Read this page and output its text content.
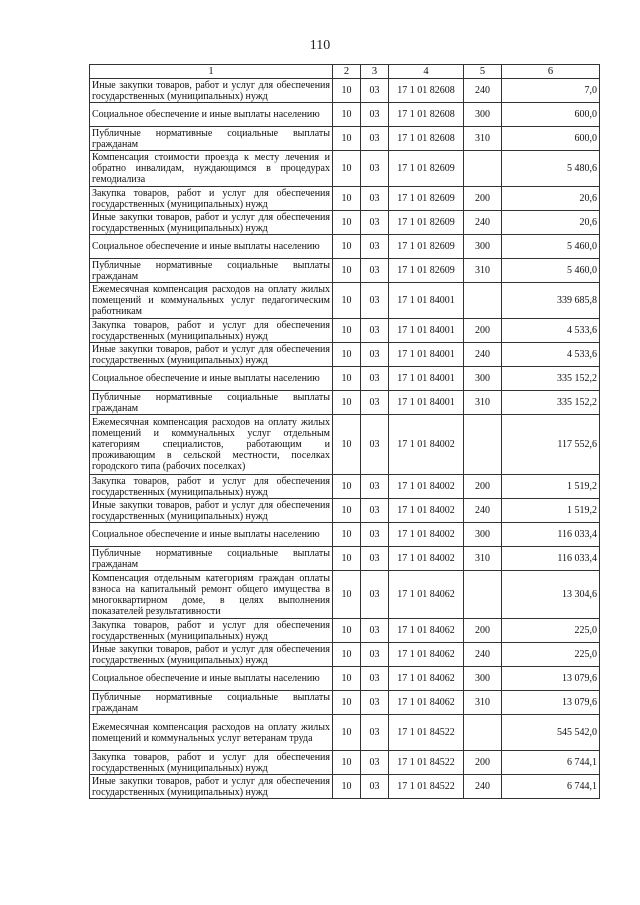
110
1	2	3	4	5	6
Иные закупки товаров, работ и услуг для обеспечения государственных (муниципальных) нужд	10	03	17 1 01 82608	240	7,0
Социальное обеспечение и иные выплаты населению	10	03	17 1 01 82608	300	600,0
Публичные нормативные социальные выплаты гражданам	10	03	17 1 01 82608	310	600,0
Компенсация стоимости проезда к месту лечения и обратно инвалидам, нуждающимся в процедурах гемодиализа	10	03	17 1 01 82609		5 480,6
Закупка товаров, работ и услуг для обеспечения государственных (муниципальных) нужд	10	03	17 1 01 82609	200	20,6
Иные закупки товаров, работ и услуг для обеспечения государственных (муниципальных) нужд	10	03	17 1 01 82609	240	20,6
Социальное обеспечение и иные выплаты населению	10	03	17 1 01 82609	300	5 460,0
Публичные нормативные социальные выплаты гражданам	10	03	17 1 01 82609	310	5 460,0
Ежемесячная компенсация расходов на оплату жилых помещений и коммунальных услуг педагогическим работникам	10	03	17 1 01 84001		339 685,8
Закупка товаров, работ и услуг для обеспечения государственных (муниципальных) нужд	10	03	17 1 01 84001	200	4 533,6
Иные закупки товаров, работ и услуг для обеспечения государственных (муниципальных) нужд	10	03	17 1 01 84001	240	4 533,6
Социальное обеспечение и иные выплаты населению	10	03	17 1 01 84001	300	335 152,2
Публичные нормативные социальные выплаты гражданам	10	03	17 1 01 84001	310	335 152,2
Ежемесячная компенсация расходов на оплату жилых помещений и коммунальных услуг отдельным категориям специалистов, работающим и проживающим в сельской местности, поселках городского типа (рабочих поселках)	10	03	17 1 01 84002		117 552,6
Закупка товаров, работ и услуг для обеспечения государственных (муниципальных) нужд	10	03	17 1 01 84002	200	1 519,2
Иные закупки товаров, работ и услуг для обеспечения государственных (муниципальных) нужд	10	03	17 1 01 84002	240	1 519,2
Социальное обеспечение и иные выплаты населению	10	03	17 1 01 84002	300	116 033,4
Публичные нормативные социальные выплаты гражданам	10	03	17 1 01 84002	310	116 033,4
Компенсация отдельным категориям граждан оплаты взноса на капитальный ремонт общего имущества в многоквартирном доме, в целях выполнения показателей результативности	10	03	17 1 01 84062		13 304,6
Закупка товаров, работ и услуг для обеспечения государственных (муниципальных) нужд	10	03	17 1 01 84062	200	225,0
Иные закупки товаров, работ и услуг для обеспечения государственных (муниципальных) нужд	10	03	17 1 01 84062	240	225,0
Социальное обеспечение и иные выплаты населению	10	03	17 1 01 84062	300	13 079,6
Публичные нормативные социальные выплаты гражданам	10	03	17 1 01 84062	310	13 079,6
Ежемесячная компенсация расходов на оплату жилых помещений и коммунальных услуг ветеранам труда	10	03	17 1 01 84522		545 542,0
Закупка товаров, работ и услуг для обеспечения государственных (муниципальных) нужд	10	03	17 1 01 84522	200	6 744,1
Иные закупки товаров, работ и услуг для обеспечения государственных (муниципальных) нужд	10	03	17 1 01 84522	240	6 744,1
